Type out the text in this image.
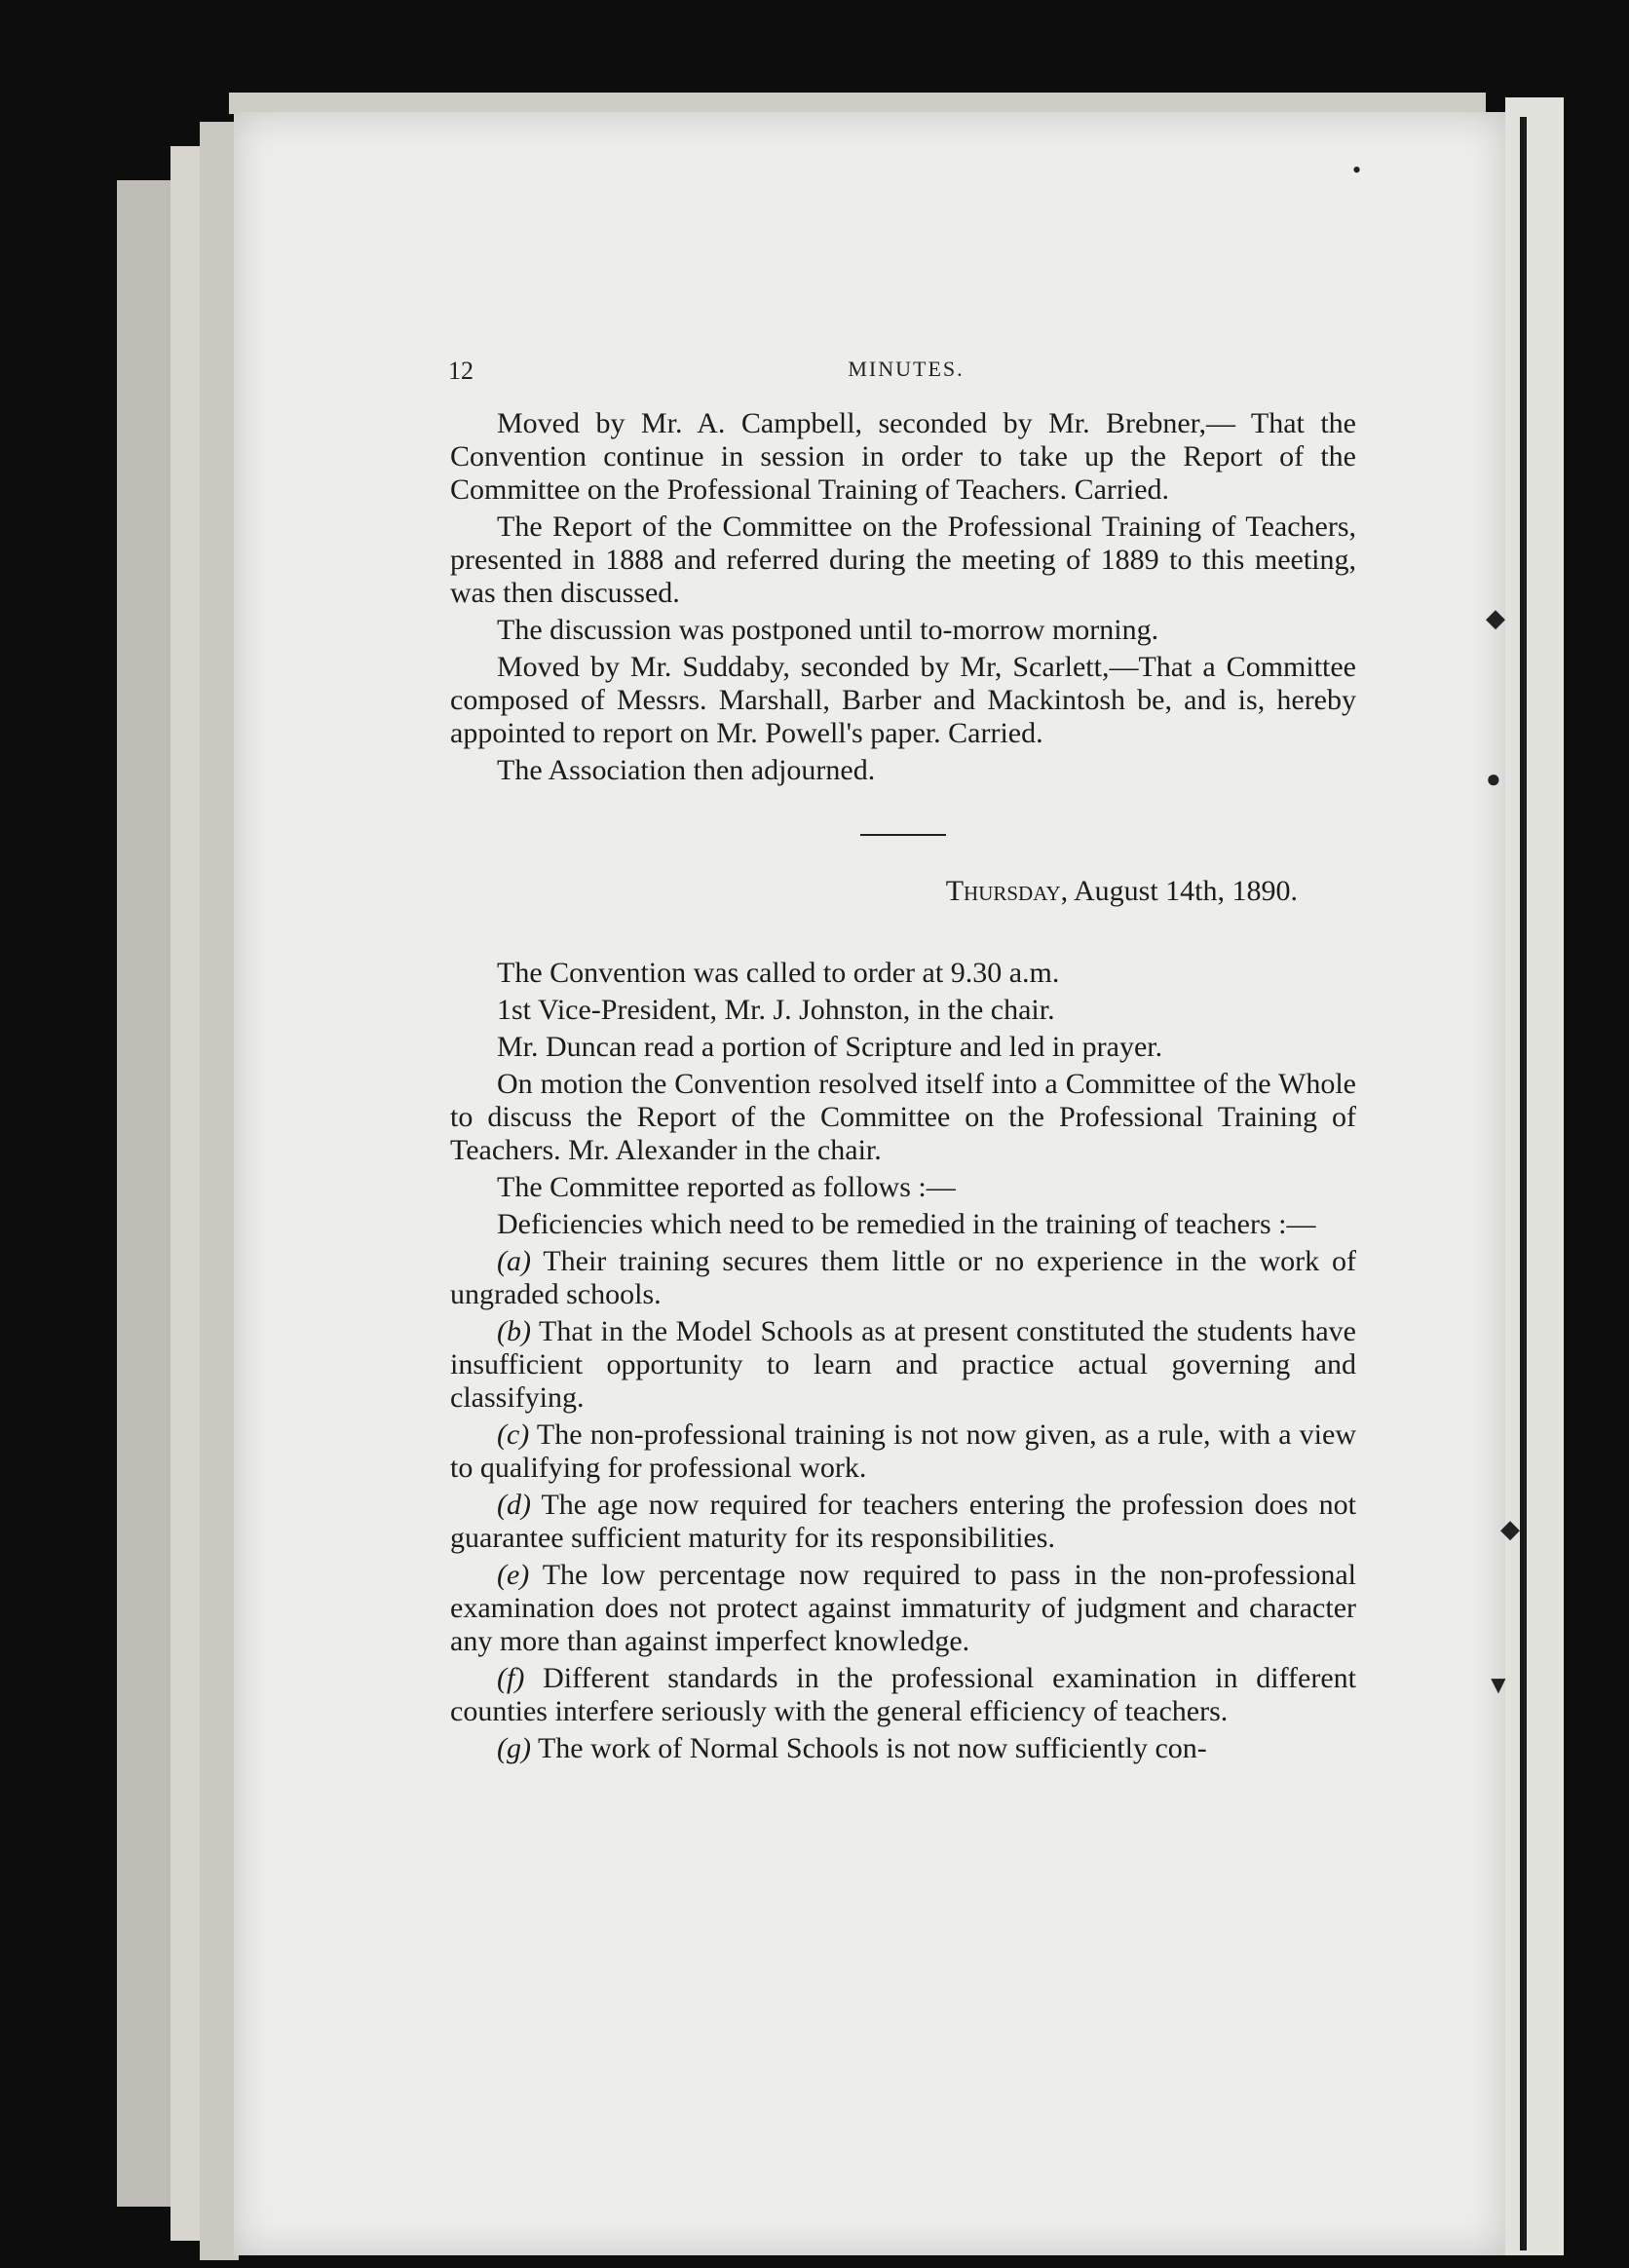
12	MINUTES.

Moved by Mr. A. Campbell, seconded by Mr. Brebner,— That the Convention continue in session in order to take up the Report of the Committee on the Professional Training of Teachers. Carried.

The Report of the Committee on the Professional Training of Teachers, presented in 1888 and referred during the meeting of 1889 to this meeting, was then discussed.

The discussion was postponed until to-morrow morning.

Moved by Mr. Suddaby, seconded by Mr, Scarlett,—That a Committee composed of Messrs. Marshall, Barber and Mackintosh be, and is, hereby appointed to report on Mr. Powell's paper. Carried.

The Association then adjourned.

Thursday, August 14th, 1890.

The Convention was called to order at 9.30 a.m.

1st Vice-President, Mr. J. Johnston, in the chair.

Mr. Duncan read a portion of Scripture and led in prayer.

On motion the Convention resolved itself into a Committee of the Whole to discuss the Report of the Committee on the Professional Training of Teachers. Mr. Alexander in the chair.

The Committee reported as follows :—

Deficiencies which need to be remedied in the training of teachers :—

(a) Their training secures them little or no experience in the work of ungraded schools.

(b) That in the Model Schools as at present constituted the students have insufficient opportunity to learn and practice actual governing and classifying.

(c) The non-professional training is not now given, as a rule, with a view to qualifying for professional work.

(d) The age now required for teachers entering the profession does not guarantee sufficient maturity for its responsibilities.

(e) The low percentage now required to pass in the non-professional examination does not protect against immaturity of judgment and character any more than against imperfect knowledge.

(f) Different standards in the professional examination in different counties interfere seriously with the general efficiency of teachers.

(g) The work of Normal Schools is not now sufficiently con-

•
◆
●
◆
▼
